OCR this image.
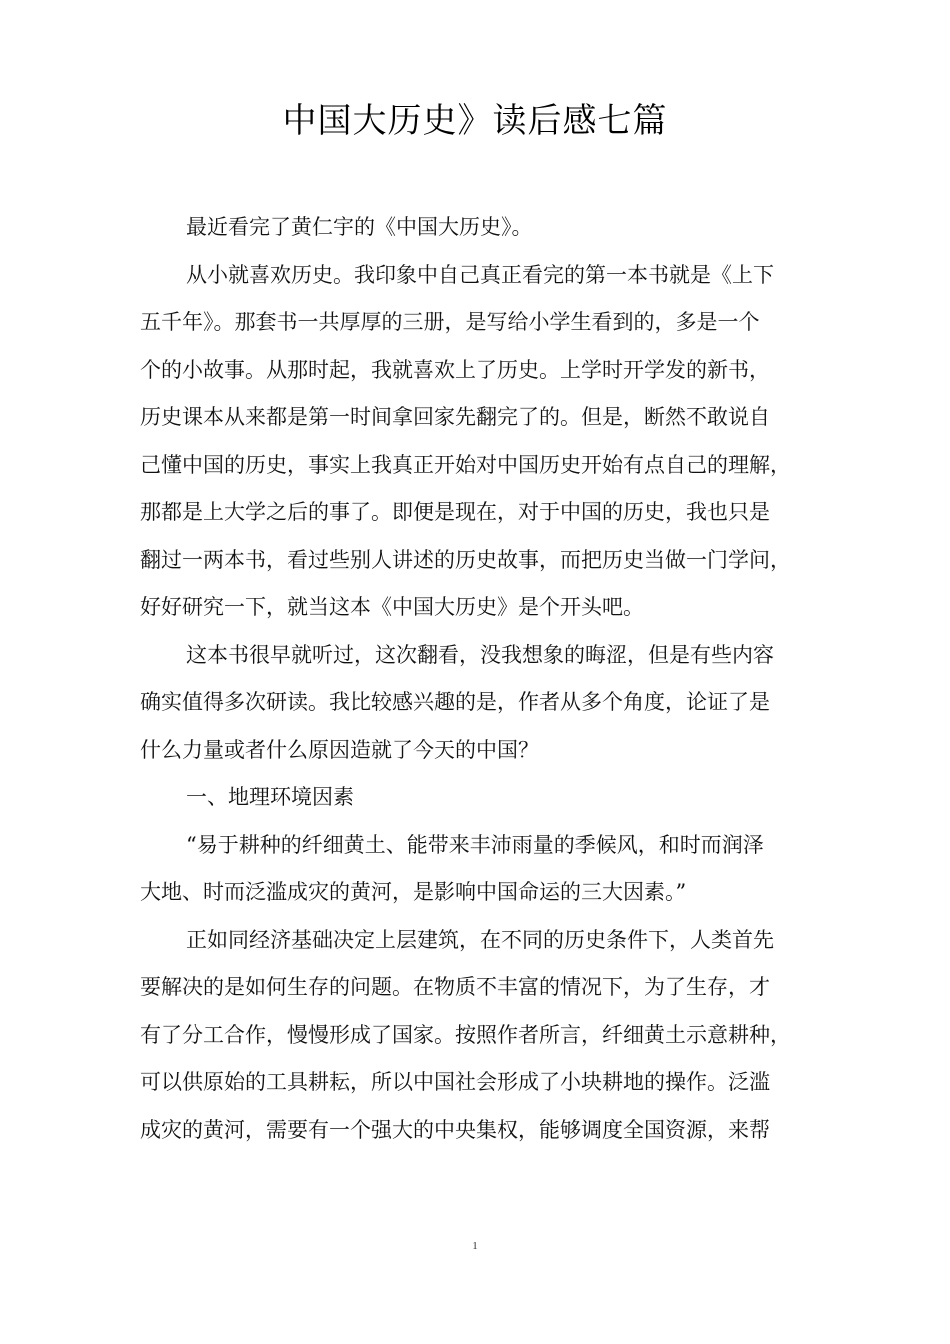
中国大历史》读后感七篇
最近看完了黄仁宇的《中国大历史》。
从小就喜欢历史。我印象中自己真正看完的第一本书就是《上下
五千年》。那套书一共厚厚的三册，是写给小学生看到的，多是一个
个的小故事。从那时起，我就喜欢上了历史。上学时开学发的新书，
历史课本从来都是第一时间拿回家先翻完了的。但是，断然不敢说自
己懂中国的历史，事实上我真正开始对中国历史开始有点自己的理解，
那都是上大学之后的事了。即便是现在，对于中国的历史，我也只是
翻过一两本书，看过些别人讲述的历史故事，而把历史当做一门学问，
好好研究一下，就当这本《中国大历史》是个开头吧。
这本书很早就听过，这次翻看，没我想象的晦涩，但是有些内容
确实值得多次研读。我比较感兴趣的是，作者从多个角度，论证了是
什么力量或者什么原因造就了今天的中国？
一、地理环境因素
“易于耕种的纤细黄土、能带来丰沛雨量的季候风，和时而润泽
大地、时而泛滥成灾的黄河，是影响中国命运的三大因素。”
正如同经济基础决定上层建筑，在不同的历史条件下，人类首先
要解决的是如何生存的问题。在物质不丰富的情况下，为了生存，才
有了分工合作，慢慢形成了国家。按照作者所言，纤细黄土示意耕种，
可以供原始的工具耕耘，所以中国社会形成了小块耕地的操作。泛滥
成灾的黄河，需要有一个强大的中央集权，能够调度全国资源，来帮
1
